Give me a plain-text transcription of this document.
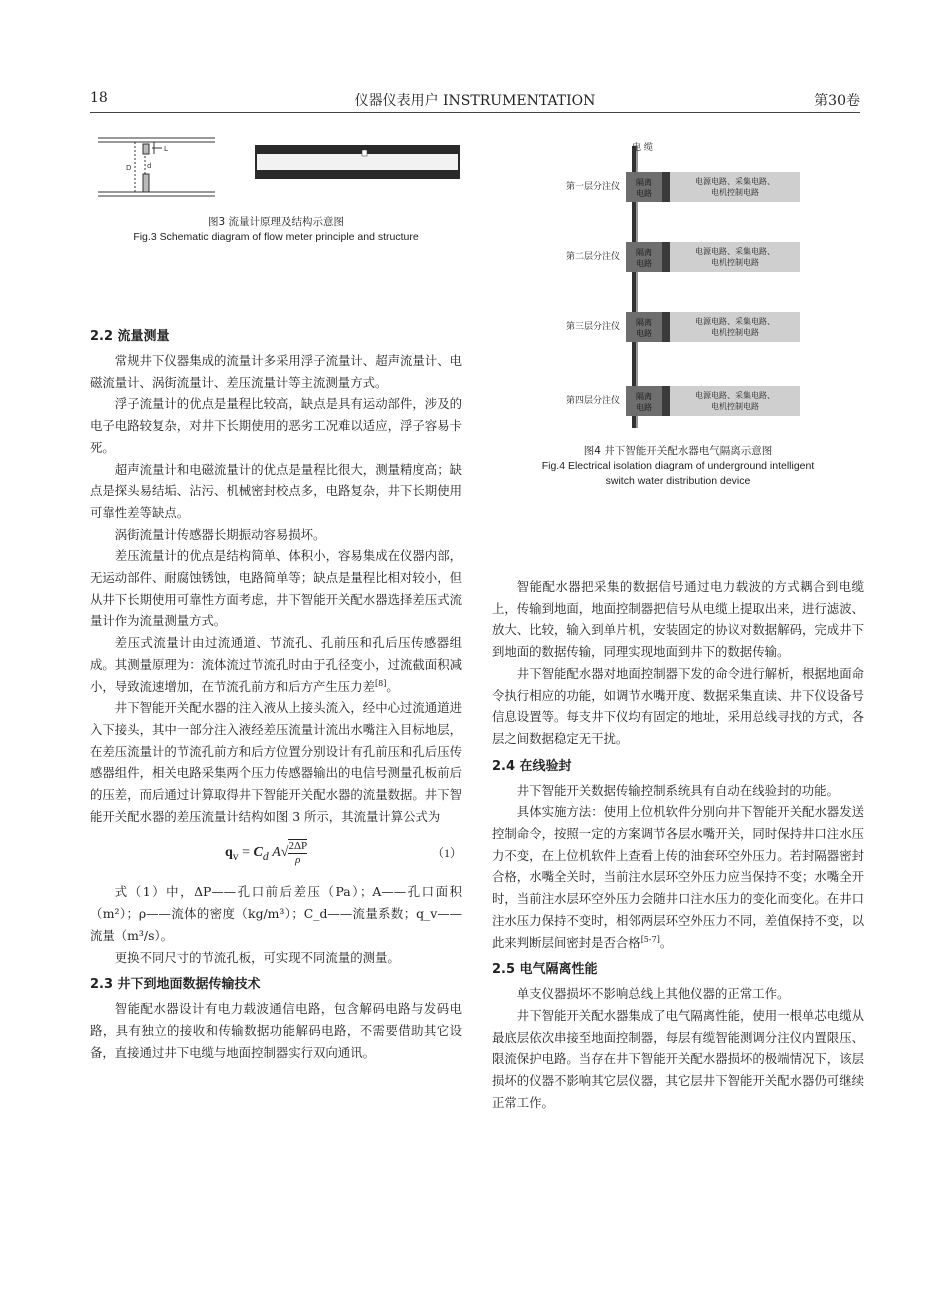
18	仪器仪表用户 INSTRUMENTATION	第30卷
D d
L
图3 流量计原理及结构示意图
Fig.3 Schematic diagram of flow meter principle and structure
电 缆
第一层分注仪 隔离
电路
电源电路、采集电路、
电机控制电路
第二层分注仪 隔离
电路
电源电路、采集电路、
电机控制电路
第三层分注仪 隔离
电路
电源电路、采集电路、
电机控制电路
第四层分注仪 隔离
电路
电源电路、采集电路、
电机控制电路
图4 井下智能开关配水器电气隔离示意图
Fig.4 Electrical isolation diagram of underground intelligent
switch water distribution device
2.2 流量测量

常规井下仪器集成的流量计多采用浮子流量计、超声流量计、电磁流量计、涡街流量计、差压流量计等主流测量方式。

浮子流量计的优点是量程比较高，缺点是具有运动部件，涉及的电子电路较复杂，对井下长期使用的恶劣工况难以适应，浮子容易卡死。

超声流量计和电磁流量计的优点是量程比很大，测量精度高；缺点是探头易结垢、沾污、机械密封校点多，电路复杂，井下长期使用可靠性差等缺点。

涡街流量计传感器长期振动容易损坏。

差压流量计的优点是结构简单、体积小，容易集成在仪器内部，无运动部件、耐腐蚀锈蚀，电路简单等；缺点是量程比相对较小，但从井下长期使用可靠性方面考虑，井下智能开关配水器选择差压式流量计作为流量测量方式。

差压式流量计由过流通道、节流孔、孔前压和孔后压传感器组成。其测量原理为：流体流过节流孔时由于孔径变小，过流截面积减小，导致流速增加，在节流孔前方和后方产生压力差[8]。

井下智能开关配水器的注入液从上接头流入，经中心过流通道进入下接头，其中一部分注入液经差压流量计流出水嘴注入目标地层，在差压流量计的节流孔前方和后方位置分别设计有孔前压和孔后压传感器组件，相关电路采集两个压力传感器输出的电信号测量孔板前后的压差，而后通过计算取得井下智能开关配水器的流量数据。井下智能开关配水器的差压流量计结构如图 3 所示，其流量计算公式为

$q_v = C_d$ $A√ \frac{2\Delta P}{\rho}$	（1）

式（1）中，ΔP——孔口前后差压（Pa）；A——孔口面积（m²）；ρ——流体的密度（kg/m³）；C_d——流量系数；q_v——流量（m³/s）。

更换不同尺寸的节流孔板，可实现不同流量的测量。

2.3 井下到地面数据传输技术

智能配水器设计有电力载波通信电路，包含解码电路与发码电路，具有独立的接收和传输数据功能解码电路，不需要借助其它设备，直接通过井下电缆与地面控制器实行双向通讯。

智能配水器把采集的数据信号通过电力载波的方式耦合到电缆上，传输到地面，地面控制器把信号从电缆上提取出来，进行滤波、放大、比较，输入到单片机，安装固定的协议对数据解码，完成井下到地面的数据传输，同理实现地面到井下的数据传输。

井下智能配水器对地面控制器下发的命令进行解析，根据地面命令执行相应的功能，如调节水嘴开度、数据采集直读、井下仪设备号信息设置等。每支井下仪均有固定的地址，采用总线寻找的方式，各层之间数据稳定无干扰。

2.4 在线验封

井下智能开关数据传输控制系统具有自动在线验封的功能。

具体实施方法：使用上位机软件分别向井下智能开关配水器发送控制命令，按照一定的方案调节各层水嘴开关，同时保持井口注水压力不变，在上位机软件上查看上传的油套环空外压力。若封隔器密封合格，水嘴全关时，当前注水层环空外压力应当保持不变；水嘴全开时，当前注水层环空外压力会随井口注水压力的变化而变化。在井口注水压力保持不变时，相邻两层环空外压力不同，差值保持不变，以此来判断层间密封是否合格[5-7]。

2.5 电气隔离性能

单支仪器损坏不影响总线上其他仪器的正常工作。

井下智能开关配水器集成了电气隔离性能，使用一根单芯电缆从最底层依次串接至地面控制器，每层有缆智能测调分注仪内置限压、限流保护电路。当存在井下智能开关配水器损坏的极端情况下，该层损坏的仪器不影响其它层仪器，其它层井下智能开关配水器仍可继续正常工作。
